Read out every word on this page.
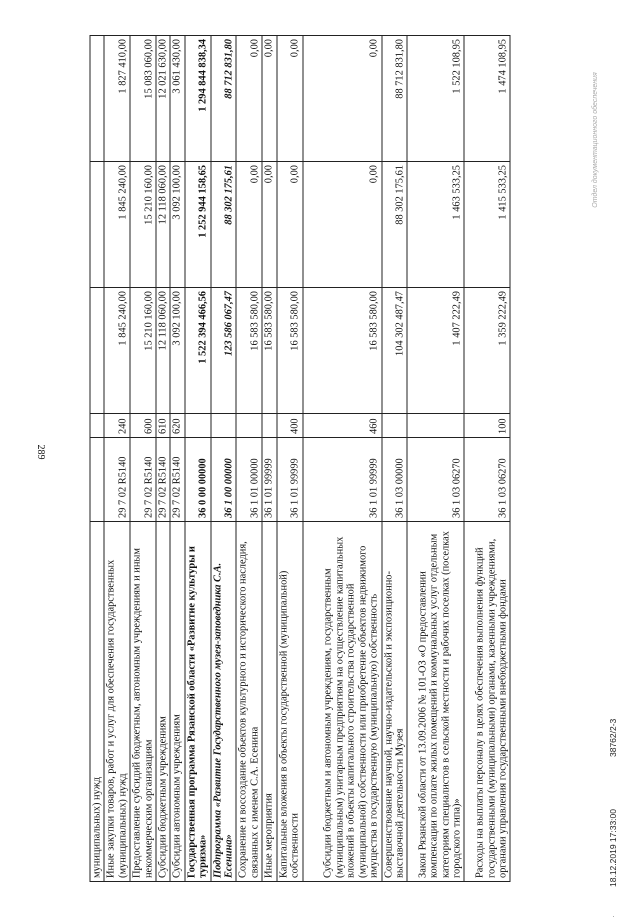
289
Отдел документационного обеспечения
·
18.12.2019 17:33:00
38762/2-3
муниципальных) нужд					
Иные закупки товаров, работ и услуг для обеспечения государственных (муниципальных) нужд	29 7 02 R5140	240	1 845 240,00	1 845 240,00	1 827 410,00
Предоставление субсидий бюджетным, автономным учреждениям и иным некоммерческим организациям	29 7 02 R5140	600	15 210 160,00	15 210 160,00	15 083 060,00
Субсидии бюджетным учреждениям	29 7 02 R5140	610	12 118 060,00	12 118 060,00	12 021 630,00
Субсидии автономным учреждениям	29 7 02 R5140	620	3 092 100,00	3 092 100,00	3 061 430,00
Государственная программа Рязанской области «Развитие культуры и туризма»	36 0 00 00000		1 522 394 466,56	1 252 944 158,65	1 294 844 838,34
Подпрограмма «Развитие Государственного музея-заповедника С.А. Есенина»	36 1 00 00000		123 586 067,47	88 302 175,61	88 712 831,80
Сохранение и воссоздание объектов культурного и исторического наследия, связанных с именем С.А. Есенина	36 1 01 00000		16 583 580,00	0,00	0,00
Иные мероприятия	36 1 01 99999		16 583 580,00	0,00	0,00
Капитальные вложения в объекты государственной (муниципальной) собственности	36 1 01 99999	400	16 583 580,00	0,00	0,00
Субсидии бюджетным и автономным учреждениям, государственным (муниципальным) унитарным предприятиям на осуществление капитальных вложений в объекты капитального строительства государственной (муниципальной) собственности или приобретение объектов недвижимого имущества в государственную (муниципальную) собственность	36 1 01 99999	460	16 583 580,00	0,00	0,00
Совершенствование научной, научно-издательской и экспозиционно-выставочной деятельности Музея	36 1 03 00000		104 302 487,47	88 302 175,61	88 712 831,80
Закон Рязанской области от 13.09.2006 № 101-ОЗ «О предоставлении компенсации по оплате жилых помещений и коммунальных услуг отдельным категориям специалистов в сельской местности и рабочих поселках (поселках городского типа)»	36 1 03 06270		1 407 222,49	1 463 533,25	1 522 108,95
Расходы на выплаты персоналу в целях обеспечения выполнения функций государственными (муниципальными) органами, казенными учреждениями, органами управления государственными внебюджетными фондами	36 1 03 06270	100	1 359 222,49	1 415 533,25	1 474 108,95
